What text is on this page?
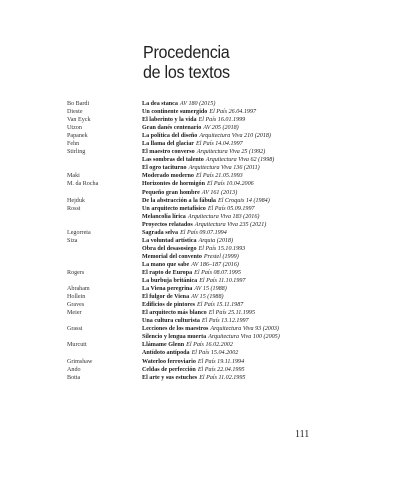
Procedencia
de los textos
Bo Bardi	La dea stanca AV 180 (2015)
Dieste	Un continente sumergido El País 26.04.1997
Van Eyck	El laberinto y la vida El País 16.01.1999
Utzon	Gran danés centenario AV 205 (2018)
Papanek	La política del diseño Arquitectura Viva 210 (2018)
Fehn	La llama del glaciar El País 14.04.1997
Stirling	El maestro converso Arquitectura Viva 25 (1992)
Las sombras del talento Arquitectura Viva 62 (1998)
El ogro taciturno Arquitectura Viva 136 (2011)
Maki	Moderado moderno El País 21.05.1993
M. da Rocha	Horizontes de hormigón El País 10.04.2006
Pequeño gran hombre AV 161 (2013)
Hejduk	De la abstracción a la fábula El Croquis 14 (1984)
Rossi	Un arquitecto metafísico El País 05.09.1997
Melancolía lírica Arquitectura Viva 183 (2016)
Proyectos relatados Arquitectura Viva 235 (2021)
Legorreta	Sagrada selva El País 09.07.1994
Siza	La voluntad artística Arquia (2018)
Obra del desasosiego El País 15.10.1993
Memorial del convento Prestel (1999)
La mano que sabe AV 186–187 (2016)
Rogers	El rapto de Europa El País 08.07.1995
La burbuja británica El País 11.10.1997
Abraham	La Viena peregrina AV 15 (1988)
Hollein	El fulgor de Viena AV 15 (1988)
Graves	Edificios de pintores El País 15.11.1987
Meier	El arquitecto más blanco El País 25.11.1995
Una cultura culturista El País 13.12.1997
Grassi	Lecciones de los maestros Arquitectura Viva 93 (2003)
Silencio y lengua muerta Arquitectura Viva 100 (2005)
Murcutt	Llámame Glenn El País 16.02.2002
Antídoto antípoda El País 15.04.2002
Grimshaw	Waterloo ferroviario El País 19.11.1994
Ando	Celdas de perfección El País 22.04.1995
Botta	El arte y sus estuches El País 11.02.1995
111
